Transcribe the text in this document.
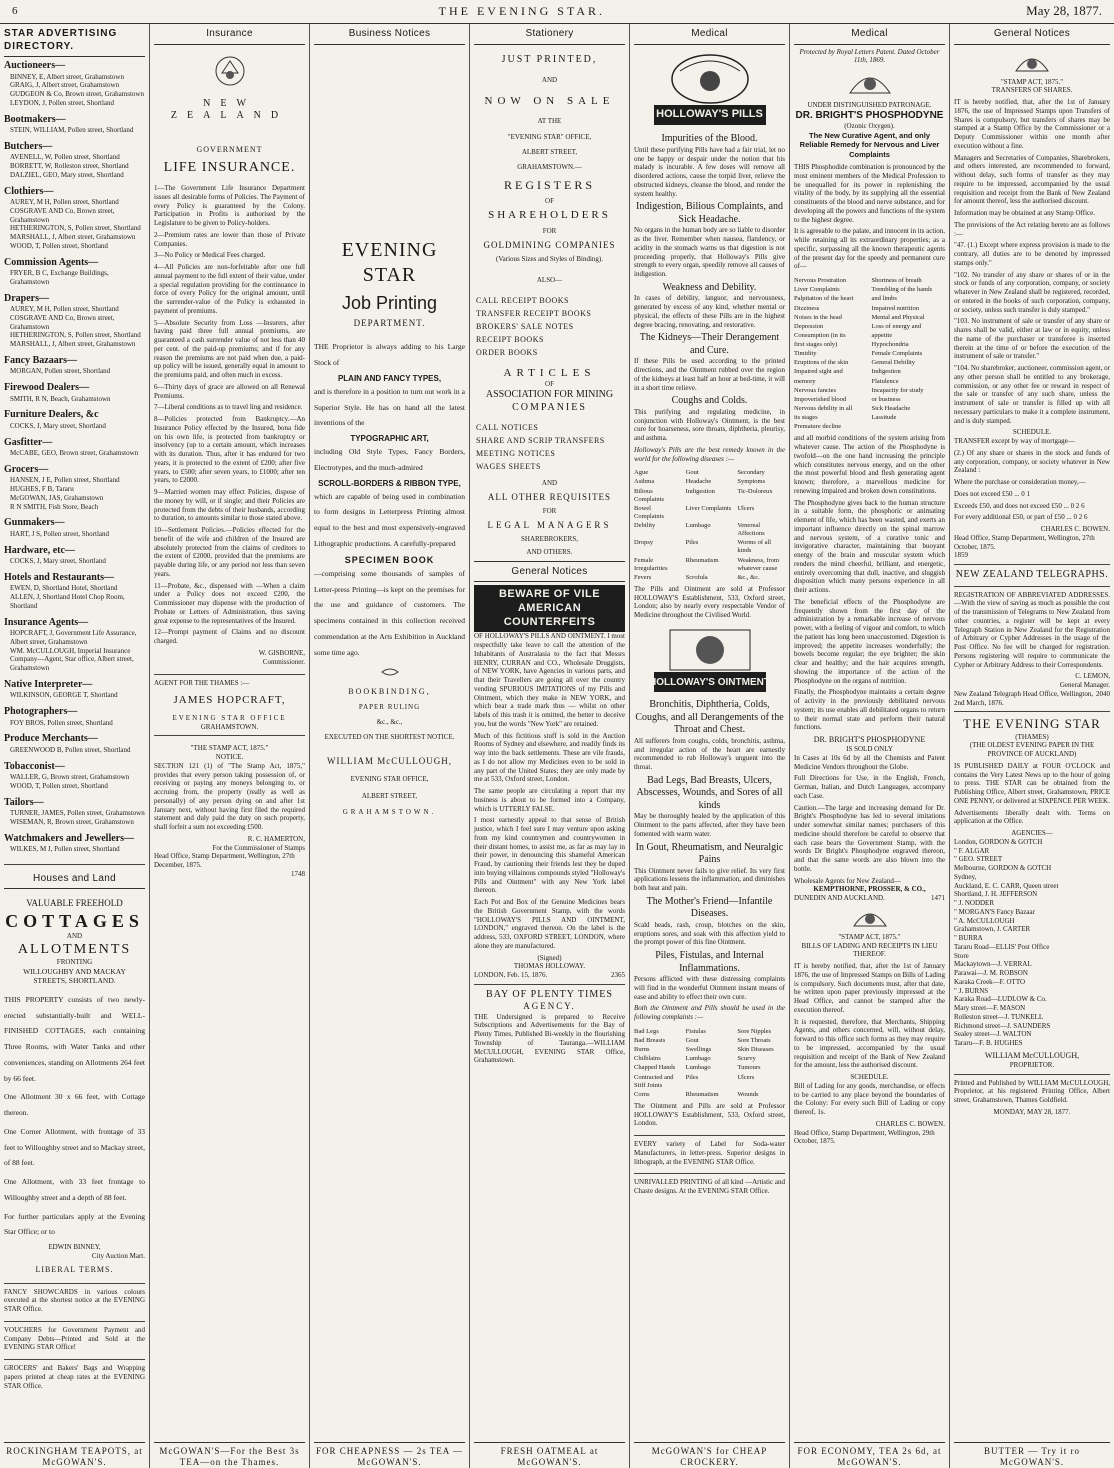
6	THE EVENING STAR.	May 28, 1877.
STAR ADVERTISING DIRECTORY.
Auctioneers—
BINNEY, E, Albert street, Grahamstown
GRAIG, J, Albert street, Grahamstown
GUDGEON & Co, Brown street, Grahamstown
LEYDON, J, Pollen street, Shortland
Bootmakers—
STEIN, WILLIAM, Pollen street, Shortland
Butchers—
AVENELL, W, Pollen street, Shortland
BORRETT, W, Rolleston street, Shortland
DALZIEL, GEO, Mary street, Shortland
Clothiers—
AUREY, M H, Pollen street, Shortland
COSGRAVE AND Co, Brown street, Grahamstown
HETHERINGTON, S, Pollen street, Shortland
MARSHALL, J, Albert street, Grahamstown
WOOD, T, Pollen street, Shortland
Commission Agents—
FRYER, B C, Exchange Buildings, Grahamstown
Drapers—
AUREY, M H, Pollen street, Shortland
COSGRAVE AND Co, Brown street, Grahamstown
HETHERINGTON, S, Pollen street, Shortland
MARSHALL, J, Albert street, Grahamstown
Fancy Bazaars—
MORGAN, Pollen street, Shortland
Firewood Dealers—
SMITH, R N, Beach, Grahamstown
Furniture Dealers, &c
COCKS, J, Mary street, Shortland
Gasfitter—
McCABE, GEO, Brown street, Grahamstown
Grocers—
HANSEN, J E, Pollen street, Shortland
HUGHES, F B, Tararu
McGOWAN, JAS, Grahamstown
R N SMITH, Fish Store, Beach
Gunmakers—
HART, J S, Pollen street, Shortland
Hardware, etc—
COCKS, J, Mary street, Shortland
Hotels and Restaurants—
EWEN, D, Shortland Hotel, Shortland
ALLEN, J, Shortland Hotel Chop Room, Shortland
Insurance Agents—
HOPCRAFT, J, Government Life Assurance, Albert street, Grahamstown
WM. McCULLOUGH, Imperial Insurance Company—Agent, Star office, Albert street, Grahamstown
Native Interpreter—
WILKINSON, GEORGE T, Shortland
Photographers—
FOY BROS, Pollen street, Shortland
Produce Merchants—
GREENWOOD B, Pollen street, Shortland
Tobacconist—
WALLER, G, Brown street, Grahamstown
WOOD, T, Pollen street, Shortland
Tailors—
TURNER, JAMES, Pollen street, Grahamstown
WISEMAN, R, Brown street, Grahamstown
Watchmakers and Jewellers—
WILKES, M J, Pollen street, Shortland
Houses and Land
VALUABLE FREEHOLD
COTTAGES
AND
ALLOTMENTS
FRONTING
WILLOUGHBY AND MACKAY
STREETS, SHORTLAND.
THIS PROPERTY consists of two newly-erected substantially-built and WELL-FINISHED COTTAGES, each containing Three Rooms, with Water Tanks and other conveniences, standing on Allotments 264 feet by 66 feet.
One Allotment 30 x 66 feet, with Cottage thereon.
One Corner Allotment, with frontage of 33 feet to Willoughby street and to Mackay street, of 88 feet.
One Allotment, with 33 feet frontage to Willoughby street and a depth of 88 feet.
For further particulars apply at the Evening Star Office; or to
EDWIN BINNEY,
City Auction Mart.
LIBERAL TERMS.
FANCY SHOWCARDS in various colours executed at the shortest notice at the EVENING STAR Office.
VOUCHERS for Government Payment and Company Debts—Printed and Sold at the EVENING STAR Office!
GROCERS' and Bakers' Bags and Wrapping papers printed at cheap rates at the EVENING STAR Office.
ROCKINGHAM TEAPOTS, at McGOWAN'S.
Insurance
NEW ZEALAND
GOVERNMENT
LIFE INSURANCE.
1—The Government Life Insurance Department issues all desirable forms of Policies. The Payment of every Policy is guaranteed by the Colony. Participation in Profits is authorised by the Legislature to be given to Policy-holders.
2—Premium rates are lower than those of Private Companies.
3—No Policy or Medical Fees charged.
4—All Policies are non-forfeitable after one full annual payment to the full extent of their value, under a special regulation providing for the continuance in force of every Policy for the original amount, until the surrender-value of the Policy is exhausted in payment of premiums.
5—Absolute Security from Loss —Insurers, after having paid three full annual premiums, are guaranteed a cash surrender value of not less than 40 per cent. of the paid-up premiums; and if for any reason the premiums are not paid when due, a paid-up policy will be issued, generally equal in amount to the premiums paid, and often much in excess.
6—Thirty days of grace are allowed on all Renewal Premiums.
7—Liberal conditions as to travel ling and residence.
8—Policies protected from Bankruptcy.—An Insurance Policy effected by the Insured, bona fide on his own life, is protected from bankruptcy or insolvency (up to a certain amount, which increases with its duration. Thus, after it has endured for two years, it is protected to the extent of £200; after five years, to £500; after seven years, to £1000; after ten years, to £2000.
9—Married women may effect Policies, dispose of the money by will, or if single; and their Policies are protected from the debts of their husbands, according to duration, to amounts similar to those stated above.
10—Settlement Policies.—Policies effected for the benefit of the wife and children of the Insured are absolutely protected from the claims of creditors to the extent of £2000, provided that the premiums are payable during life, or any period not less than seven years.
11—Probate, &c., dispensed with —When a claim under a Policy does not exceed £200, the Commissioner may dispense with the production of Probate or Letters of Administration, thus saving great expense to the representatives of the Insured.
12—Prompt payment of Claims and no discount charged.
W. GISBORNE,
Commissioner.
AGENT FOR THE THAMES :—
JAMES HOPCRAFT,
EVENING STAR OFFICE
GRAHAMSTOWN.
"THE STAMP ACT, 1875."
NOTICE.
SECTION 121 (1) of "The Stamp Act, 1875," provides that every person taking possession of, or receiving or paying any moneys belonging to, or accruing from, the property (really as well as personally) of any person dying on and after 1st January next, without having first filed the required statement and duly paid the duty on such property, shall forfeit a sum not exceeding £500.
R. C. HAMERTON,
For the Commissioner of Stamps
Head Office, Stamp Department, Wellington, 27th December, 1875.
1748
McGOWAN'S—For the Best 3s TEA—on the Thames.
Business Notices
EVENING STAR
Job Printing
DEPARTMENT.
THE Proprietor is always adding to his Large Stock of
PLAIN AND FANCY TYPES,
and is therefore in a position to turn out work in a Superior Style. He has on hand all the latest inventions of the
TYPOGRAPHIC ART,
including Old Style Types, Fancy Borders, Electrotypes, and the much-admired
SCROLL-BORDERS & RIBBON TYPE,
which are capable of being used in combination to form designs in Letterpress Printing almost equal to the best and most expensively-engraved Lithographic productions. A carefully-prepared
SPECIMEN BOOK
—comprising some thousands of samples of Letter-press Printing—is kept on the premises for the use and guidance of customers. The specimens contained in this collection received commendation at the Arts Exhibition in Auckland some time ago.
BOOKBINDING,
PAPER RULING
&c., &c.,
EXECUTED ON THE SHORTEST NOTICE.
WILLIAM McCULLOUGH,
EVENING STAR OFFICE,
ALBERT STREET,
GRAHAMSTOWN.
FOR CHEAPNESS — 2s TEA — McGOWAN'S.
Stationery
JUST PRINTED,
AND
NOW ON SALE
AT THE
"EVENING STAR" OFFICE,
ALBERT STREET,
GRAHAMSTOWN.—
REGISTERS
OF
SHAREHOLDERS
FOR
GOLDMINING COMPANIES
(Various Sizes and Styles of Binding).
ALSO—
CALL RECEIPT BOOKS
TRANSFER RECEIPT BOOKS
BROKERS' SALE NOTES
RECEIPT BOOKS
ORDER BOOKS
ARTICLES
OF
ASSOCIATION FOR MINING
COMPANIES
CALL NOTICES
SHARE AND SCRIP TRANSFERS
MEETING NOTICES
WAGES SHEETS
AND
ALL OTHER REQUISITES
FOR
LEGAL MANAGERS
SHAREBROKERS,
AND OTHERS.
General Notices
BEWARE OF VILE
AMERICAN COUNTERFEITS
OF HOLLOWAY'S PILLS AND OINTMENT. I most respectfully take leave to call the attention of the Inhabitants of Australasia to the fact that Messrs HENRY, CURRAN and CO., Wholesale Druggists, of NEW YORK, have Agencies in various parts, and that their Travellers are going all over the country vending SPURIOUS IMITATIONS of my Pills and Ointment, which they make in NEW YORK, and which bear a trade mark thus — whilst on other labels of this trash it is omitted, the better to deceive you, but the words "New York" are retained.
Much of this fictitious stuff is sold in the Auction Rooms of Sydney and elsewhere, and readily finds its way into the back settlements. These are vile frauds, as I do not allow my Medicines even to be sold in any part of the United States; they are only made by me at 533, Oxford street, London.
The same people are circulating a report that my business is about to be formed into a Company, which is UTTERLY FALSE.
I most earnestly appeal to that sense of British justice, which I feel sure I may venture upon asking from my kind countrymen and countrywomen in their distant homes, to assist me, as far as may lay in their power, in denouncing this shameful American Fraud, by cautioning their friends lest they be duped into buying villainous compounds styled "Holloway's Pills and Ointment" with any New York label thereon.
Each Pot and Box of the Genuine Medicines bears the British Government Stamp, with the words "HOLLOWAY'S PILLS AND OINTMENT, LONDON," engraved thereon. On the label is the address, 533, OXFORD STREET, LONDON, where alone they are manufactured.
(Signed)
THOMAS HOLLOWAY.
LONDON, Feb. 15, 1876.	2365
BAY OF PLENTY TIMES
AGENCY.
THE Undersigned is prepared to Receive Subscriptions and Advertisements for the Bay of Plenty Times, Published Bi-weekly in the flourishing Township of Tauranga.—WILLIAM McCULLOUGH, EVENING STAR Office, Grahamstown.
FRESH OATMEAL at McGOWAN'S.
Medical
HOLLOWAY'S PILLS
Impurities of the Blood.
Until these purifying Pills have had a fair trial, let no one be happy or despair under the notion that his malady is incurable. A few doses will remove all disordered actions, cause the torpid liver, relieve the obstructed kidneys, cleanse the blood, and render the system healthy.
Indigestion, Bilious Complaints, and Sick Headache.
No organs in the human body are so liable to disorder as the liver. Remember when nausea, flatulency, or acidity in the stomach warns us that digestion is not proceeding properly, that Holloway's Pills give strength to every organ, speedily remove all causes of indigestion.
Weakness and Debility.
In cases of debility, languor, and nervousness, generated by excess of any kind, whether mental or physical, the effects of these Pills are in the highest degree bracing, renovating, and restorative.
The Kidneys—Their Derangement and Cure.
If these Pills be used according to the printed directions, and the Ointment rubbed over the region of the kidneys at least half an hour at bed-time, it will in a short time relieve.
Coughs and Colds.
This purifying and regulating medicine, in conjunction with Holloway's Ointment, is the best cure for hoarseness, sore throats, diphtheria, pleurisy, and asthma.
Holloway's Pills are the best remedy known in the world for the following diseases :—
Ague	Gout	Secondary
Asthma	Headache	Symptoms
Bilious Complaints
Indigestion	Tic-Doloreux
Bowel Complaints
Liver Complaints Ulcers
Debility	Lumbago	Venereal Affections
Dropsy	Piles	Worms of all kinds
Female Irregularities
Rheumatism	Weakness, from whatever cause
Fevers	Scrofula	&c., &c.
The Pills and Ointment are sold at Professor HOLLOWAY'S Establishment, 533, Oxford street, London; also by nearly every respectable Vendor of Medicine throughout the Civilised World.
HOLLOWAY'S OINTMENT
Bronchitis, Diphtheria, Colds, Coughs, and all Derangements of the Throat and Chest.
All sufferers from coughs, colds, bronchitis, asthma, and irregular action of the heart are earnestly recommended to rub Holloway's unguent into the throat.
Bad Legs, Bad Breasts, Ulcers, Abscesses, Wounds, and Sores of all kinds
May be thoroughly healed by the application of this Ointment to the parts affected, after they have been fomented with warm water.
In Gout, Rheumatism, and Neuralgic Pains
This Ointment never fails to give relief. Its very first applications lessens the inflammation, and diminishes both heat and pain.
The Mother's Friend—Infantile Diseases.
Scald heads, rash, croup, blotches on the skin, eruptions sores, and soak with this affection yield to the prompt power of this fine Ointment.
Piles, Fistulas, and Internal Inflammations.
Persons afflicted with these distressing complaints will find in the wonderful Ointment instant means of ease and ability to effect their own cure.
Both the Ointment and Pills should be used in the following complaints :—
Bad Legs	Fistulas	Sore Nipples
Bad Breasts	Gout	Sore Throats
Burns	Swellings	Skin Diseases
Chilblains	Lumbago	Scurvy
Chapped Hands	Lumbago	Tumours
Contracted and Stiff Joints
Piles	Ulcers
Corns	Rheumatism	Wounds
The Ointment and Pills are sold at Professor HOLLOWAY'S Establishment, 533, Oxford street, London.
EVERY variety of Label for Soda-water Manufacturers, in letter-press. Superior designs in lithograph, at the EVENING STAR Office.
UNRIVALLED PRINTING of all kind —Artistic and Chaste designs. At the EVENING STAR Office.
McGOWAN'S for CHEAP CROCKERY.
Medical
Protected by Royal Letters Patent. Dated October 11th, 1869.
UNDER DISTINGUISHED PATRONAGE.
DR. BRIGHT'S PHOSPHODYNE
(Ozonic Oxygen).
The New Curative Agent, and only Reliable Remedy for Nervous and Liver Complaints
THIS Phosphodide combination is pronounced by the most eminent members of the Medical Profession to be unequalled for its power in replenishing the vitality of the body, by its supplying all the essential constituents of the blood and nerve substance, and for developing all the powers and functions of the system to the highest degree.
It is agreeable to the palate, and innocent in its action, while retaining all its extraordinary properties; as a specific, surpassing all the known therapeutic agents of the present day for the speedy and permanent cure of—
Nervous Prostration	Shortness of breath
Liver Complaints	Trembling of the hands
Palpitation of the heart	and limbs
Dizziness	Impaired nutrition
Noises in the head	Mental and Physical
Depression	Loss of energy and
Consumption (in its	appetite
first stages only)	Hypochondria
Timidity	Female Complaints
Eruptions of the skin	General Debility
Impaired sight and	Indigestion
memory	Flatulence
Nervous fancies	Incapacity for study
Impoverished blood	or business
Nervous debility in all	Sick Headache
its stages	Lassitude
Premature decline
and all morbid conditions of the system arising from whatever cause. The action of the Phosphodyne is twofold—on the one hand increasing the principle which constitutes nervous energy, and on the other the most powerful blood and flesh generating agent known; therefore, a marvellous medicine for renewing impaired and broken down constitutions.
The Phosphodyne gives back to the human structure in a suitable form, the phosphoric or animating element of life, which has been wasted, and exerts an important influence directly on the spinal marrow and nervous system, of a curative tonic and invigorative character, maintaining that buoyant energy of the brain and muscular system which renders the mind cheerful, brilliant, and energetic, entirely overcoming that dull, inactive, and sluggish disposition which many persons experience in all their actions.
The beneficial effects of the Phosphodyne are frequently shown from the first day of the administration by a remarkable increase of nervous power, with a feeling of vigour and comfort, to which the patient has long been unaccustomed. Digestion is improved; the appetite increases wonderfully; the bowels become regular; the eye brighter; the skin clear and healthy; and the hair acquires strength, showing the importance of the action of the Phosphodyne on the organs of nutrition.
Finally, the Phosphodyne maintains a certain degree of activity in the previously debilitated nervous system; its use enables all debilitated organs to return to their normal state and perform their natural functions.
DR. BRIGHT'S PHOSPHODYNE
IS SOLD ONLY
In Cases at 10s 6d by all the Chemists and Patent Medicine Vendors throughout the Globe.
Full Directions for Use, in the English, French, German, Italian, and Dutch Languages, accompany each Case.
Caution.—The large and increasing demand for Dr. Bright's Phosphodyne has led to several imitations under somewhat similar names; purchasers of this medicine should therefore be careful to observe that each case bears the Government Stamp, with the words Dr Bright's Phosphodyne engraved thereon, and that the same words are also blown into the bottle.
Wholesale Agents for New Zealand—
KEMPTHORNE, PROSSER, & CO.,
DUNEDIN AND AUCKLAND.	1471
"STAMP ACT, 1875."
BILLS OF LADING AND RECEIPTS IN LIEU THEREOF.
IT is hereby notified, that, after the 1st of January 1876, the use of Impressed Stamps on Bills of Lading is compulsory. Such documents must, after that date, be written upon paper previously impressed at the Head Office, and cannot be stamped after the execution thereof.
It is requested, therefore, that Merchants, Shipping Agents, and others concerned, will, without delay, forward to this office such forms as they may require to be impressed, accompanied by the usual requisition and receipt of the Bank of New Zealand for the amount, less the authorised discount.
SCHEDULE.
Bill of Lading for any goods, merchandise, or effects to be carried to any place beyond the boundaries of the Colony: For every such Bill of Lading or copy thereof, 1s.
CHARLES C. BOWEN.
Head Office, Stamp Department, Wellington, 29th October, 1875.
FOR ECONOMY, TEA 2s 6d, at McGOWAN'S.
General Notices
"STAMP ACT, 1875."
TRANSFERS OF SHARES.
IT is hereby notified, that, after the 1st of January 1876, the use of Impressed Stamps upon Transfers of Shares is compulsory, but transfers of shares may be stamped at a Stamp Office by the Commissioner or a Deputy Commissioner within one month after execution without a fine.
Managers and Secretaries of Companies, Sharebrokers, and others interested, are recommended to forward, without delay, such forms of transfer as they may require to be impressed, accompanied by the usual requisition and receipt from the Bank of New Zealand for amount thereof, less the authorised discount.
Information may be obtained at any Stamp Office.
The provisions of the Act relating hereto are as follows :—
"47. (1.) Except where express provision is made to the contrary, all duties are to be denoted by impressed stamps only."
"102. No transfer of any share or shares of or in the stock or funds of any corporation, company, or society whatever in New Zealand shall be registered, recorded, or entered in the books of such corporation, company, or society, unless such transfer is duly stamped."
"103. No instrument of sale or transfer of any share or shares shall be valid, either at law or in equity, unless the name of the purchaser or transferee is inserted therein at the time of or before the execution of the instrument of sale or transfer."
"104. No sharebroker, auctioneer, commission agent, or any other person shall be entitled to any brokerage, commission, or any other fee or reward in respect of the sale or transfer of any such share, unless the instrument of sale or transfer is filled up with all necessary particulars to make it a complete instrument, and is duly stamped.
SCHEDULE.
TRANSFER except by way of mortgage—
(2.) Of any share or shares in the stock and funds of any corporation, company, or society whatever in New Zealand :
Where the purchase or consideration money,—
Does not exceed £50 ... 0 1
Exceeds £50, and does not exceed £50 ... 0 2 6
For every additional £50, or part of £50 ... 0 2 6
CHARLES C. BOWEN.
Head Office, Stamp Department, Wellington, 27th October, 1875.
1859
NEW ZEALAND TELEGRAPHS.
REGISTRATION OF ABBREVIATED ADDRESSES.—With the view of saving as much as possible the cost of the transmission of Telegrams to New Zealand from other countries, a register will be kept at every Telegraph Station in New Zealand for the Registration of Arbitrary or Cypher Addresses in the usage of the Post Office. No fee will be charged for registration. Persons registering will require to communicate the Cypher or Arbitrary Address to their Correspondents.
C. LEMON,
General Manager.
New Zealand Telegraph Head Office, Wellington, 2nd March, 1876.
2040
THE EVENING STAR
(THAMES)
(THE OLDEST EVENING PAPER IN THE PROVINCE OF AUCKLAND)
IS PUBLISHED DAILY at FOUR O'CLOCK and contains the Very Latest News up to the hour of going to press. THE STAR can be obtained from the Publishing Office, Albert street, Grahamstown, PRICE ONE PENNY, or delivered at SIXPENCE PER WEEK.
Advertisements liberally dealt with. Terms on application at the Office.
AGENCIES—
London, GORDON & GOTCH
" F. ALGAR
" GEO. STREET
Melbourne, GORDON & GOTCH
Sydney,
Auckland, E. C. CARR, Queen street
Shortland, J. H. JEFFERSON
" J. NODDER
" MORGAN'S Fancy Bazaar
" A. McCULLOUGH
Grahamstown, J. CARTER
" BURRA
Tararu Road—ELLIS' Post Office
Store
Mackaytown—J. VERRAL
Parawai—J. M. ROBSON
Karaka Creek—F. OTTO
" J. BURNS
Karaka Road—LUDLOW & Co.
Mary street—F. MASON
Rolleston street—J. TUNKELL
Richmond street—J. SAUNDERS
Sealey street—J. WALTON
Tararu—F. B. HUGHES
WILLIAM McCULLOUGH,
PROPRIETOR.
Printed and Published by WILLIAM McCULLOUGH, Proprietor, at his registered Printing Office, Albert street, Grahamstown, Thames Goldfield.
MONDAY, MAY 28, 1877.
BUTTER — Try it ro McGOWAN'S.
